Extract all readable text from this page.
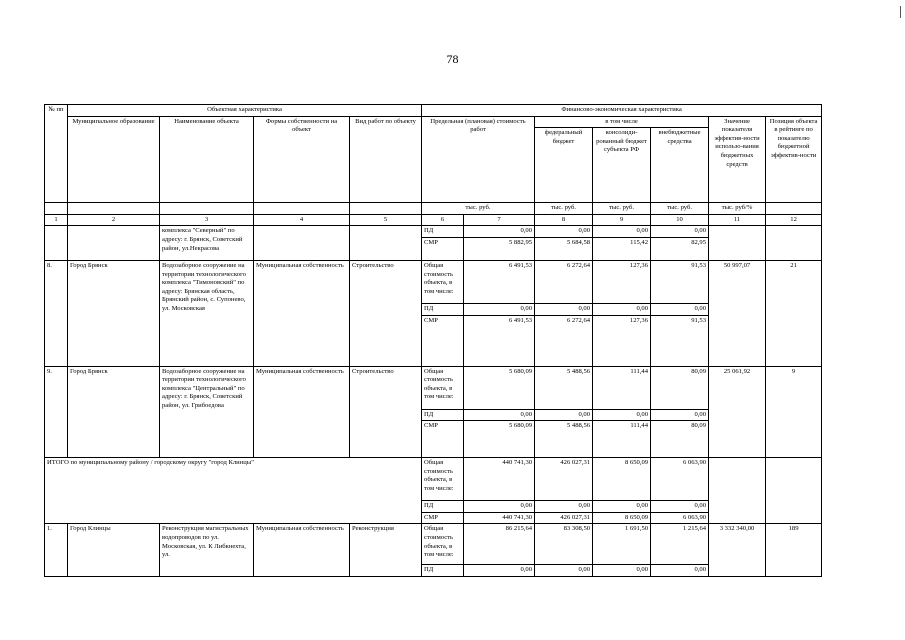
78
№ пп	Объектная характеристика				Финансово-экономическая характеристика						
	Муниципальное образование	Наименование объекта	Формы собственности на объект	Вид работ по объекту	Предельная (плановая) стоимость работ		в том числе			Значение показателя эффектив-ности использо-вания бюджетных средств	Позиция объекта в рейтинге по показателю бюджетной эффектив-ности
							федеральный бюджет	консолиди-рованный бюджет субъекта РФ	внебюджетные средства		
					тыс. руб.		тыс. руб.	тыс. руб.	тыс. руб.	тыс. руб/%	
1	2	3	4	5	6	7	8	9	10	11	12
		комплекса "Северный" по адресу: г. Брянск, Советский район, ул.Некрасова			ПД	0,00	0,00	0,00	0,00		
					СМР	5 882,95	5 684,58	115,42	82,95		
8.	Город Брянск	Водозаборное сооружение на территории технологического комплекса "Тимоновский" по адресу: Брянская область, Брянский район, с. Супонево, ул. Московская	Муниципальная собственность	Строительство	Общая стоимость объекта, в том числе:	6 491,53	6 272,64	127,36	91,53	50 997,07	21
					ПД	0,00	0,00	0,00	0,00		
					СМР	6 491,53	6 272,64	127,36	91,53		
9.	Город Брянск	Водозаборное сооружение на территории технологического комплекса "Центральный" по адресу: г. Брянск, Советский район, ул. Грибоедова	Муниципальная собственность	Строительство	Общая стоимость объекта, в том числе:	5 680,09	5 488,56	111,44	80,09	25 061,92	9
					ПД	0,00	0,00	0,00	0,00		
					СМР	5 680,09	5 488,56	111,44	80,09		
ИТОГО по муниципальному району / городскому округу "город Клинцы"					Общая стоимость объекта, в том числе:	440 741,30	426 027,31	8 650,09	6 063,90		
					ПД	0,00	0,00	0,00	0,00		
					СМР	440 741,30	426 027,31	8 650,09	6 063,90		
1.	Город Клинцы	Реконструкция магистральных водопроводов по ул. Московская, ул. К Либкнехта, ул.	Муниципальная собственность	Реконструкция	Общая стоимость объекта, в том числе:	86 215,64	83 308,50	1 691,50	1 215,64	3 332 340,00	189
					ПД	0,00	0,00	0,00	0,00		
